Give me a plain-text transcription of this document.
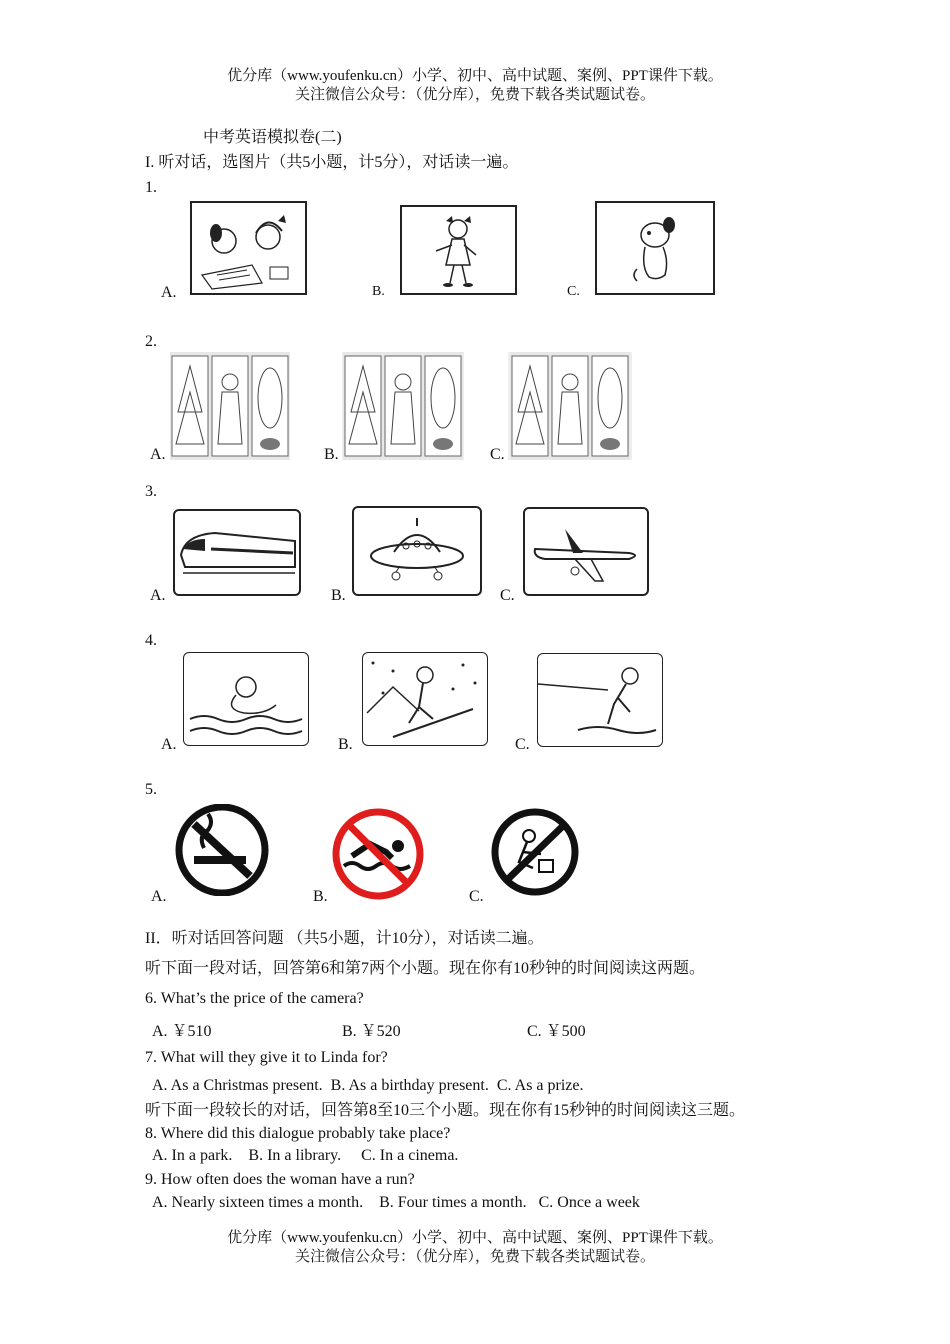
优分库（www.youfenku.cn）小学、初中、高中试题、案例、PPT课件下载。
关注微信公众号：（优分库），免费下载各类试题试卷。
中考英语模拟卷(二)
I. 听对话，选图片（共5小题，计5分），对话读一遍。
1.
A.	B.	C.
2.
A.	B.	C.
3.
A.	B.	C.
4.
A.	B.	C.
5.
A.	B.	C.
II．听对话回答问题 （共5小题，计10分），对话读二遍。
听下面一段对话，回答第6和第7两个小题。现在你有10秒钟的时间阅读这两题。
6. What’s the price of the camera?
A. ￥510	B. ￥520	C. ￥500
7. What will they give it to Linda for?
A. As a Christmas present.  B. As a birthday present.  C. As a prize.
听下面一段较长的对话，回答第8至10三个小题。现在你有15秒钟的时间阅读这三题。
8. Where did this dialogue probably take place?
A. In a park.    B. In a library.     C. In a cinema.
9. How often does the woman have a run?
A. Nearly sixteen times a month.    B. Four times a month.   C. Once a week
优分库（www.youfenku.cn）小学、初中、高中试题、案例、PPT课件下载。
关注微信公众号：（优分库），免费下载各类试题试卷。
